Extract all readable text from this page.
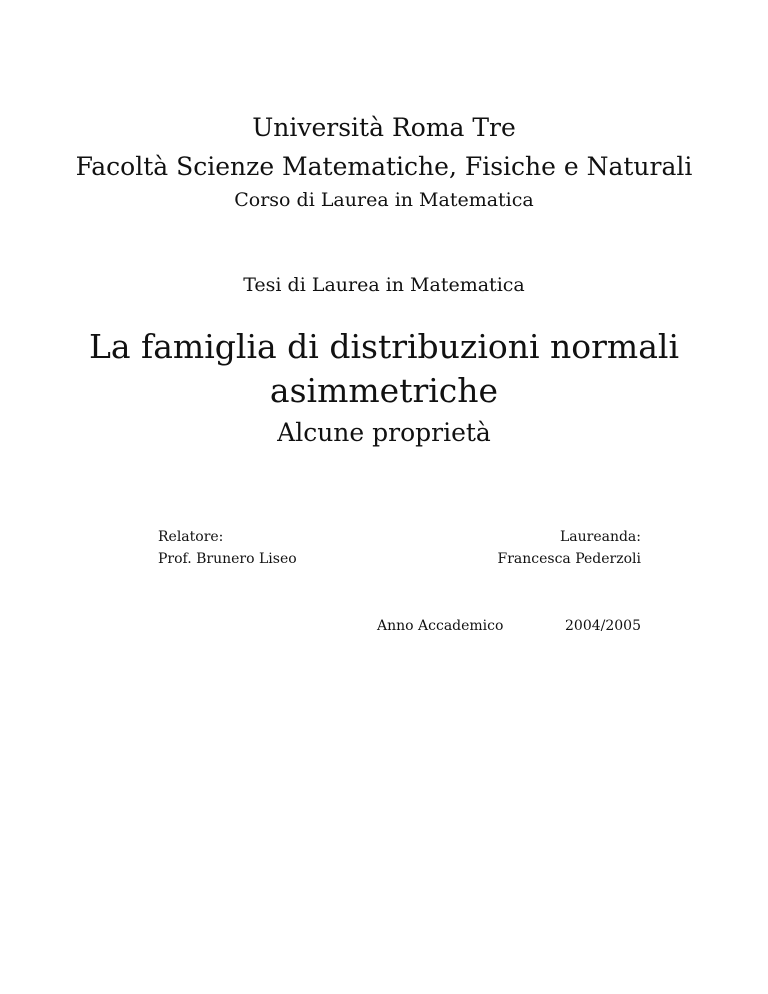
Università Roma Tre
Facoltà Scienze Matematiche, Fisiche e Naturali
Corso di Laurea in Matematica
Tesi di Laurea in Matematica
La famiglia di distribuzioni normali
asimmetriche
Alcune proprietà
Relatore:
Prof. Brunero Liseo
Laureanda:
Francesca Pederzoli
Anno Accademico	2004/2005
